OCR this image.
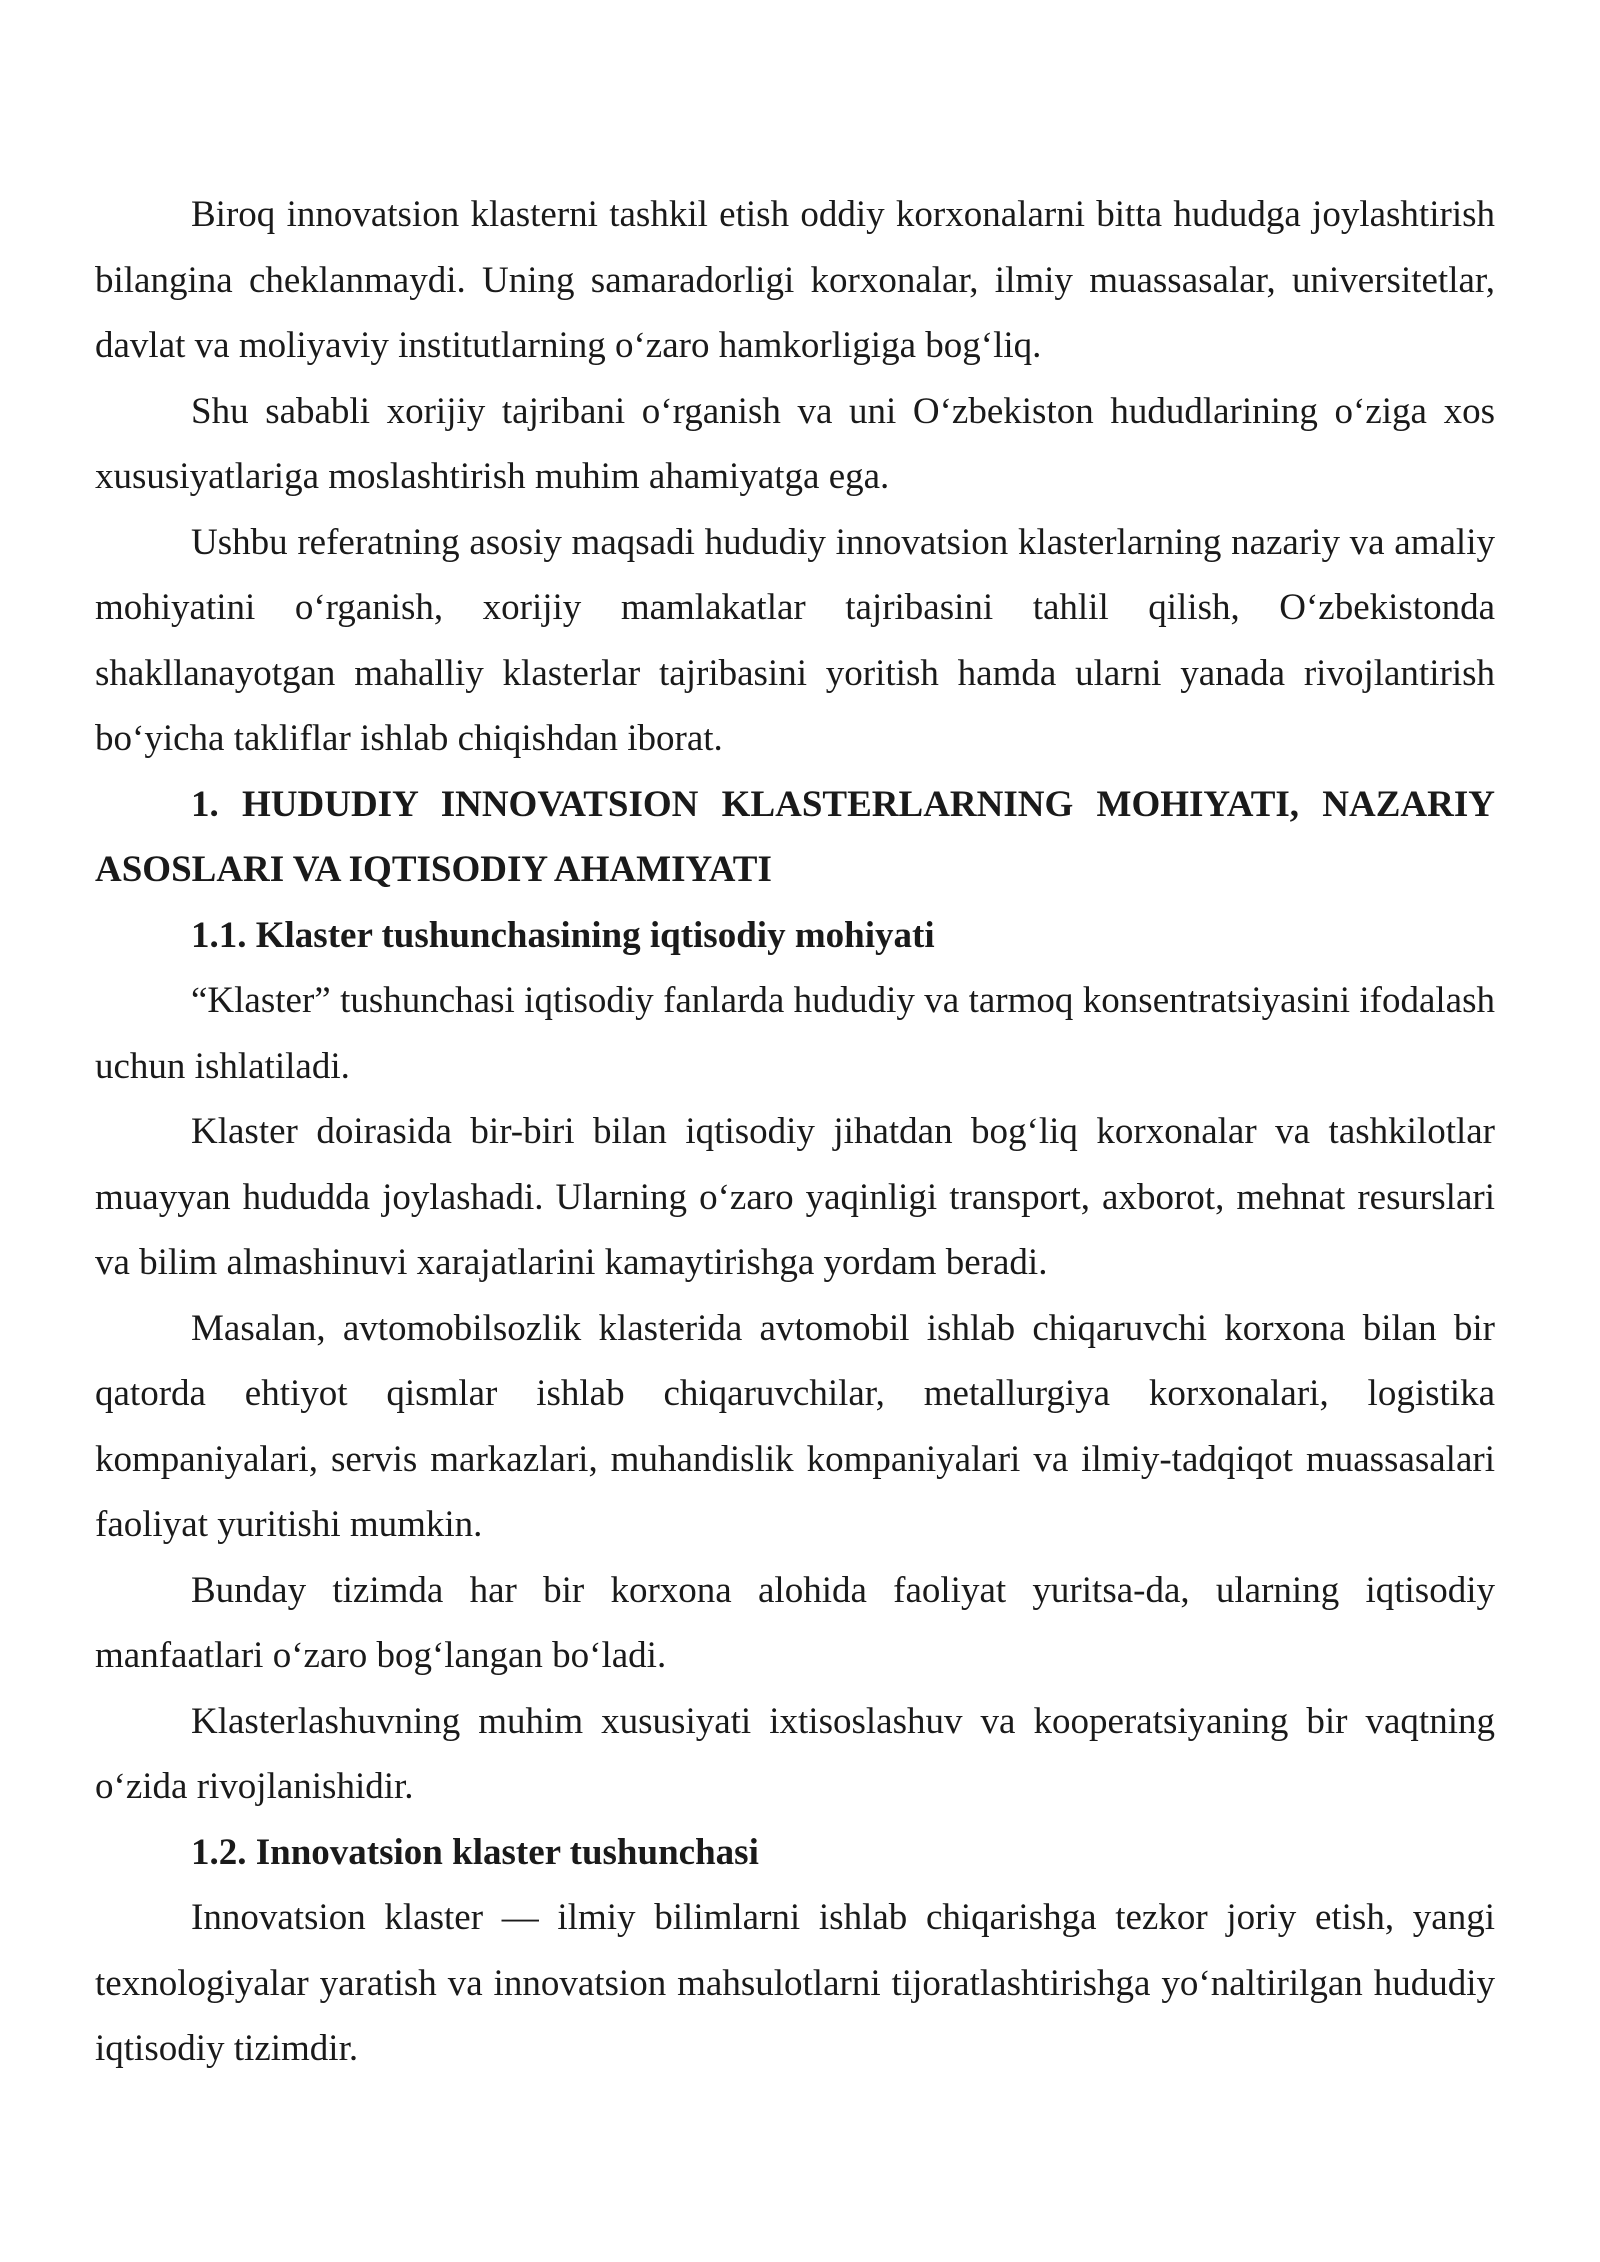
Biroq innovatsion klasterni tashkil etish oddiy korxonalarni bitta hududga joylashtirish bilangina cheklanmaydi. Uning samaradorligi korxonalar, ilmiy muassasalar, universitetlar, davlat va moliyaviy institutlarning o‘zaro hamkorligiga bog‘liq.

Shu sababli xorijiy tajribani o‘rganish va uni O‘zbekiston hududlarining o‘ziga xos xususiyatlariga moslashtirish muhim ahamiyatga ega.

Ushbu referatning asosiy maqsadi hududiy innovatsion klasterlarning nazariy va amaliy mohiyatini o‘rganish, xorijiy mamlakatlar tajribasini tahlil qilish, O‘zbekistonda shakllanayotgan mahalliy klasterlar tajribasini yoritish hamda ularni yanada rivojlantirish bo‘yicha takliflar ishlab chiqishdan iborat.

1. HUDUDIY INNOVATSION KLASTERLARNING MOHIYATI, NAZARIY ASOSLARI VA IQTISODIY AHAMIYATI

1.1. Klaster tushunchasining iqtisodiy mohiyati

“Klaster” tushunchasi iqtisodiy fanlarda hududiy va tarmoq konsentratsiyasini ifodalash uchun ishlatiladi.

Klaster doirasida bir-biri bilan iqtisodiy jihatdan bog‘liq korxonalar va tashkilotlar muayyan hududda joylashadi. Ularning o‘zaro yaqinligi transport, axborot, mehnat resurslari va bilim almashinuvi xarajatlarini kamaytirishga yordam beradi.

Masalan, avtomobilsozlik klasterida avtomobil ishlab chiqaruvchi korxona bilan bir qatorda ehtiyot qismlar ishlab chiqaruvchilar, metallurgiya korxonalari, logistika kompaniyalari, servis markazlari, muhandislik kompaniyalari va ilmiy-tadqiqot muassasalari faoliyat yuritishi mumkin.

Bunday tizimda har bir korxona alohida faoliyat yuritsa-da, ularning iqtisodiy manfaatlari o‘zaro bog‘langan bo‘ladi.

Klasterlashuvning muhim xususiyati ixtisoslashuv va kooperatsiyaning bir vaqtning o‘zida rivojlanishidir.

1.2. Innovatsion klaster tushunchasi

Innovatsion klaster — ilmiy bilimlarni ishlab chiqarishga tezkor joriy etish, yangi texnologiyalar yaratish va innovatsion mahsulotlarni tijoratlashtirishga yo‘naltirilgan hududiy iqtisodiy tizimdir.
